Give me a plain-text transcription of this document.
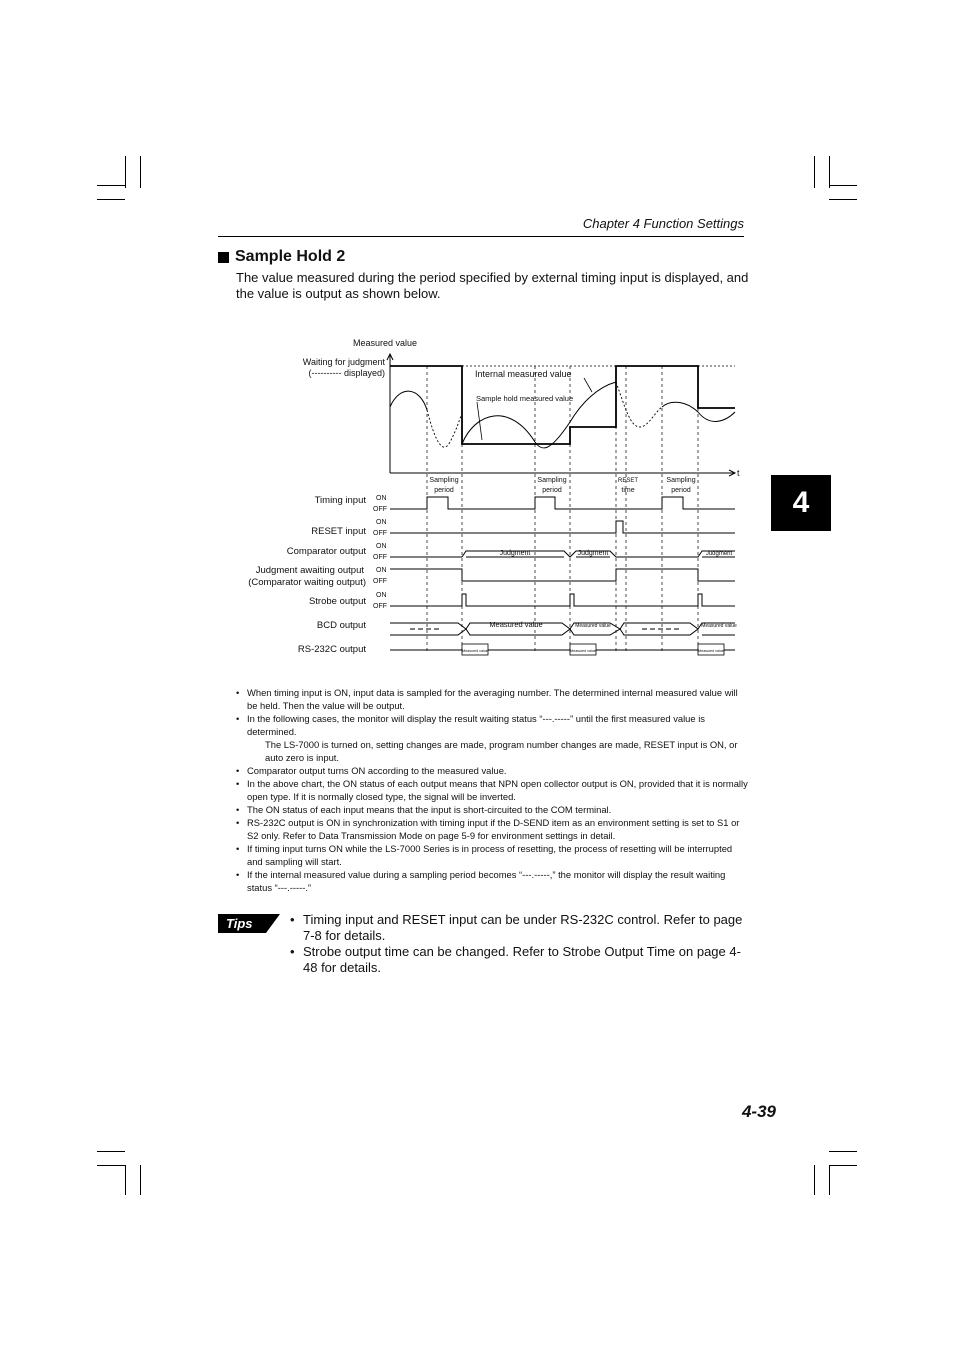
Chapter 4 Function Settings
Sample Hold 2
The value measured during the period specified by external timing input is displayed, and the value is output as shown below.
4
Measured value
Waiting for judgment
(---------- displayed)
t
Internal measured value
Sample hold measured value
Sampling
period
Sampling
period
RESET
time
Sampling
period
Timing input
RESET input
Comparator output
Judgment awaiting output
(Comparator waiting output)
Strobe output
BCD output
RS-232C output
ON
OFF
ON
OFF
ON
OFF
ON
OFF
ON
OFF
Judgment	Judgment	Judgment
Measured value	Measured value	Measured value
Measured value	Measured value	Measured value
• When timing input is ON, input data is sampled for the averaging number. The determined internal measured value will be held. Then the value will be output.
• In the following cases, the monitor will display the result waiting status “---.-----” until the first measured value is determined.
The LS-7000 is turned on, setting changes are made, program number changes are made, RESET input is ON, or auto zero is input.
• Comparator output turns ON according to the measured value.
• In the above chart, the ON status of each output means that NPN open collector output is ON, provided that it is normally open type. If it is normally closed type, the signal will be inverted.
• The ON status of each input means that the input is short-circuited to the COM terminal.
• RS-232C output is ON in synchronization with timing input if the D-SEND item as an environment setting is set to S1 or S2 only. Refer to Data Transmission Mode on page 5-9 for environment settings in detail.
• If timing input turns ON while the LS-7000 Series is in process of resetting, the process of resetting will be interrupted and sampling will start.
• If the internal measured value during a sampling period becomes “---.-----,” the monitor will display the result waiting status “---.-----.”
Tips
•	Timing input and RESET input can be under RS-232C control. Refer to page 7-8 for details.
• Strobe output time can be changed. Refer to Strobe Output Time on page 4-48 for details.
4-39
